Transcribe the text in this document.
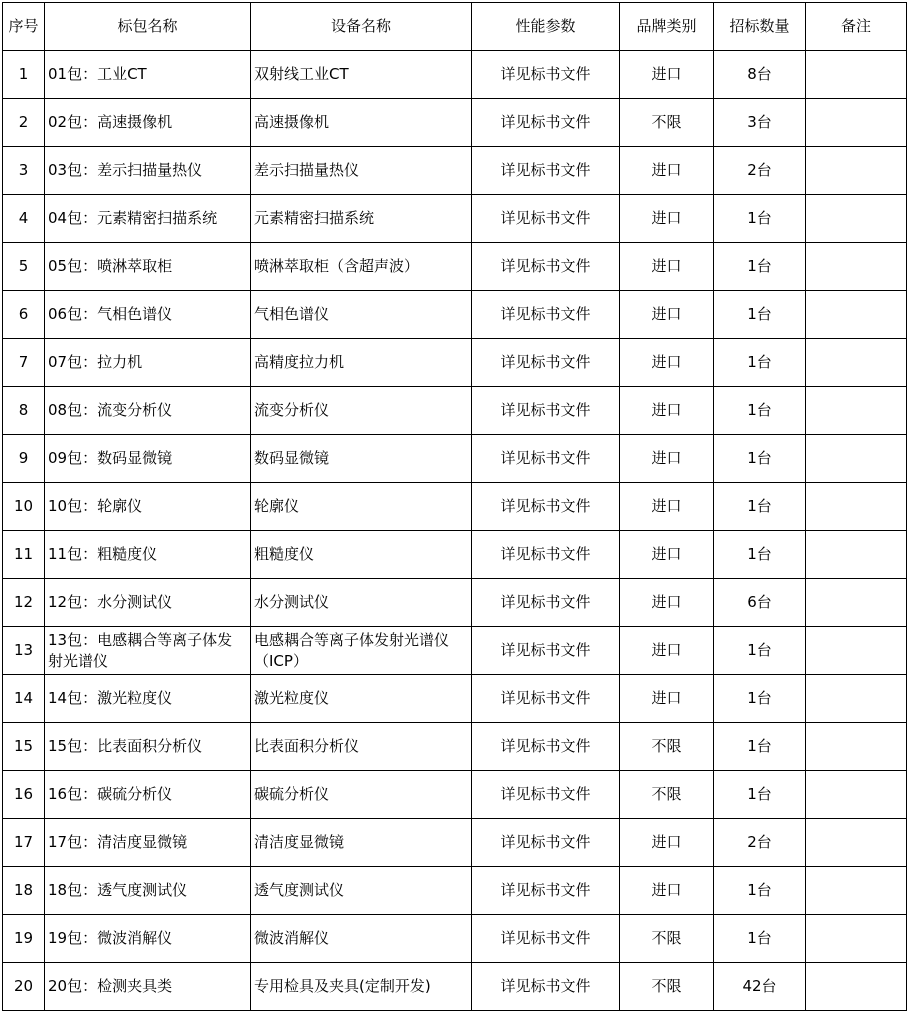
序号	标包名称	设备名称	性能参数	品牌类别	招标数量	备注
1	01包：工业CT	双射线工业CT	详见标书文件	进口	8台	
2	02包：高速摄像机	高速摄像机	详见标书文件	不限	3台	
3	03包：差示扫描量热仪	差示扫描量热仪	详见标书文件	进口	2台	
4	04包：元素精密扫描系统	元素精密扫描系统	详见标书文件	进口	1台	
5	05包：喷淋萃取柜	喷淋萃取柜（含超声波）	详见标书文件	进口	1台	
6	06包：气相色谱仪	气相色谱仪	详见标书文件	进口	1台	
7	07包：拉力机	高精度拉力机	详见标书文件	进口	1台	
8	08包：流变分析仪	流变分析仪	详见标书文件	进口	1台	
9	09包：数码显微镜	数码显微镜	详见标书文件	进口	1台	
10	10包：轮廓仪	轮廓仪	详见标书文件	进口	1台	
11	11包：粗糙度仪	粗糙度仪	详见标书文件	进口	1台	
12	12包：水分测试仪	水分测试仪	详见标书文件	进口	6台	
13	13包：电感耦合等离子体发射光谱仪	电感耦合等离子体发射光谱仪（ICP）	详见标书文件	进口	1台	
14	14包：激光粒度仪	激光粒度仪	详见标书文件	进口	1台	
15	15包：比表面积分析仪	比表面积分析仪	详见标书文件	不限	1台	
16	16包：碳硫分析仪	碳硫分析仪	详见标书文件	不限	1台	
17	17包：清洁度显微镜	清洁度显微镜	详见标书文件	进口	2台	
18	18包：透气度测试仪	透气度测试仪	详见标书文件	进口	1台	
19	19包：微波消解仪	微波消解仪	详见标书文件	不限	1台	
20	20包：检测夹具类	专用检具及夹具(定制开发)	详见标书文件	不限	42台	
